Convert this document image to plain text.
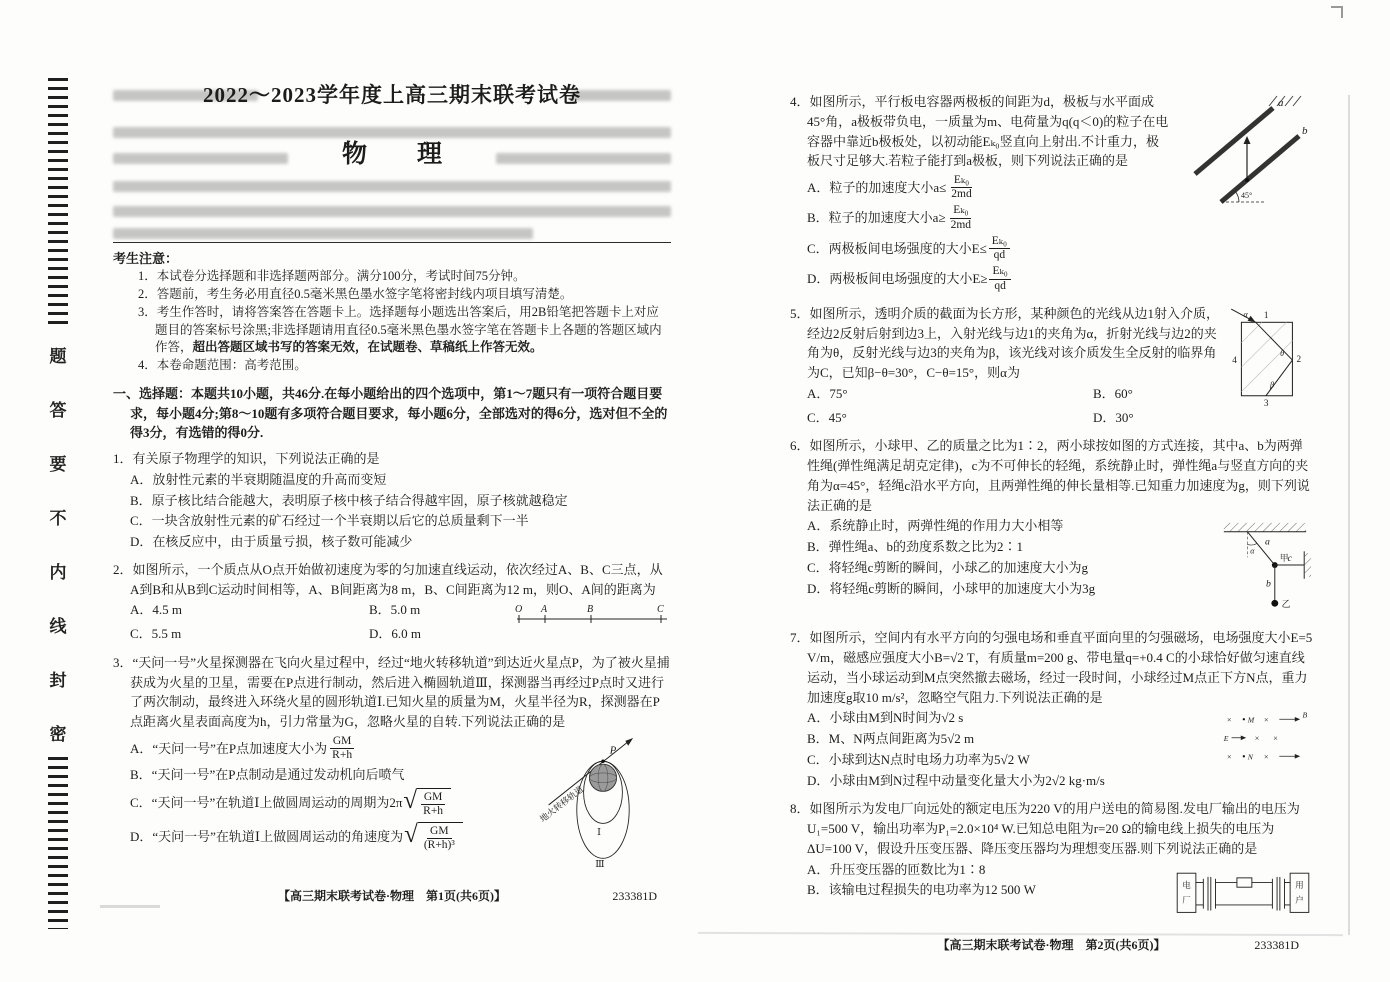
题
答
要
不
内
线
封
密
2022～2023学年度上高三期末联考试卷
物　　理

考生注意：

1．本试卷分选择题和非选择题两部分。满分100分，考试时间75分钟。

2．答题前，考生务必用直径0.5毫米黑色墨水签字笔将密封线内项目填写清楚。

3．考生作答时，请将答案答在答题卡上。选择题每小题选出答案后，用2B铅笔把答题卡上对应题目的答案标号涂黑;非选择题请用直径0.5毫米黑色墨水签字笔在答题卡上各题的答题区域内作答，超出答题区域书写的答案无效，在试题卷、草稿纸上作答无效。

4．本卷命题范围：高考范围。

一、选择题：本题共10小题，共46分.在每小题给出的四个选项中，第1～7题只有一项符合题目要求，每小题4分;第8～10题有多项符合题目要求，每小题6分，全部选对的得6分，选对但不全的得3分，有选错的得0分.

1．有关原子物理学的知识，下列说法正确的是

A．放射性元素的半衰期随温度的升高而变短

B．原子核比结合能越大，表明原子核中核子结合得越牢固，原子核就越稳定

C．一块含放射性元素的矿石经过一个半衰期以后它的总质量剩下一半

D．在核反应中，由于质量亏损，核子数可能减少

2．如图所示，一个质点从O点开始做初速度为零的匀加速直线运动，依次经过A、B、C三点，从A到B和从B到C运动时间相等，A、B间距离为8 m，B、C间距离为12 m，则O、A间的距离为

O A	B	C

A．4.5 m	B．5.0 m

C．5.5 m	D．6.0 m

3．“天问一号”火星探测器在飞向火星过程中，经过“地火转移轨道”到达近火星点P，为了被火星捕获成为火星的卫星，需要在P点进行制动，然后进入椭圆轨道Ⅲ，探测器当再经过P点时又进行了两次制动，最终进入环绕火星的圆形轨道Ⅰ.已知火星的质量为M，火星半径为R，探测器在P点距离火星表面高度为h，引力常量为G，忽略火星的自转.下列说法正确的是

地火转移轨道
P
Ⅰ
Ⅲ

A．“天问一号”在P点加速度大小为 $\frac{GM}{R+h}$

B．“天问一号”在P点制动是通过发动机向后喷气

C．“天问一号”在轨道Ⅰ上做圆周运动的周期为2π √ $\frac{GM}{R+h}$

D．“天问一号”在轨道Ⅰ上做圆周运动的角速度为 √ $\frac{GM}{\text{(R+h)³}}$

【高三期末联考试卷·物理　第1页(共6页)】	233381D
a
b
45°

4．如图所示，平行板电容器两极板的间距为d，极板与水平面成45°角，a极板带负电，一质量为m、电荷量为q(q＜0)的粒子在电容器中靠近b极板处，以初动能Eₖ₀竖直向上射出.不计重力，极板尺寸足够大.若粒子能打到a极板，则下列说法正确的是

A．粒子的加速度大小$a\le \frac{\text{Eₖ₀}}{2md}$

B．粒子的加速度大小$a\ge \frac{\text{Eₖ₀}}{2md}$

C．两极板间电场强度的大小$E\le \frac{\text{Eₖ₀}}{qd}$

D．两极板间电场强度的大小$E\ge \frac{\text{Eₖ₀}}{qd}$

α
θ
β
1
2
3
4

5．如图所示，透明介质的截面为长方形，某种颜色的光线从边1射入介质，经边2反射后射到边3上，入射光线与边1的夹角为α，折射光线与边2的夹角为θ，反射光线与边3的夹角为β，该光线对该介质发生全反射的临界角为C，已知β−θ=30°，C−θ=15°，则α为

A．75°	B．60°

C．45°	D．30°

6．如图所示，小球甲、乙的质量之比为1∶2，两小球按如图的方式连接，其中a、b为两弹性绳(弹性绳满足胡克定律)，c为不可伸长的轻绳，系统静止时，弹性绳a与竖直方向的夹角为α=45°，轻绳c沿水平方向，且两弹性绳的伸长量相等.已知重力加速度为g，则下列说法正确的是

α
a
甲 c
b
乙

A．系统静止时，两弹性绳的作用力大小相等

B．弹性绳a、b的劲度系数之比为2∶1

C．将轻绳c剪断的瞬间，小球乙的加速度大小为g

D．将轻绳c剪断的瞬间，小球甲的加速度大小为3g

7．如图所示，空间内有水平方向的匀强电场和垂直平面向里的匀强磁场，电场强度大小E=5 V/m，磁感应强度大小B=√2 T，有质量m=200 g、带电量q=+0.4 C的小球恰好做匀速直线运动，当小球运动到M点突然撤去磁场，经过一段时间，小球经过M点正下方N点，重力加速度g取10 m/s²，忽略空气阻力.下列说法正确的是

× M ×	B
E × ×
× N ×

A．小球由M到N时间为√2 s

B．M、N两点间距离为5√2 m

C．小球到达N点时电场力功率为5√2 W

D．小球由M到N过程中动量变化量大小为2√2 kg·m/s

8．如图所示为发电厂向远处的额定电压为220 V的用户送电的简易图.发电厂输出的电压为U₁=500 V，输出功率为P₁=2.0×10⁴ W.已知总电阻为r=20 Ω的输电线上损失的电压为ΔU=100 V，假设升压变压器、降压变压器均为理想变压器.则下列说法正确的是

电
厂
用
户

A．升压变压器的匝数比为1∶8

B．该输电过程损失的电功率为12 500 W

【高三期末联考试卷·物理　第2页(共6页)】	233381D
